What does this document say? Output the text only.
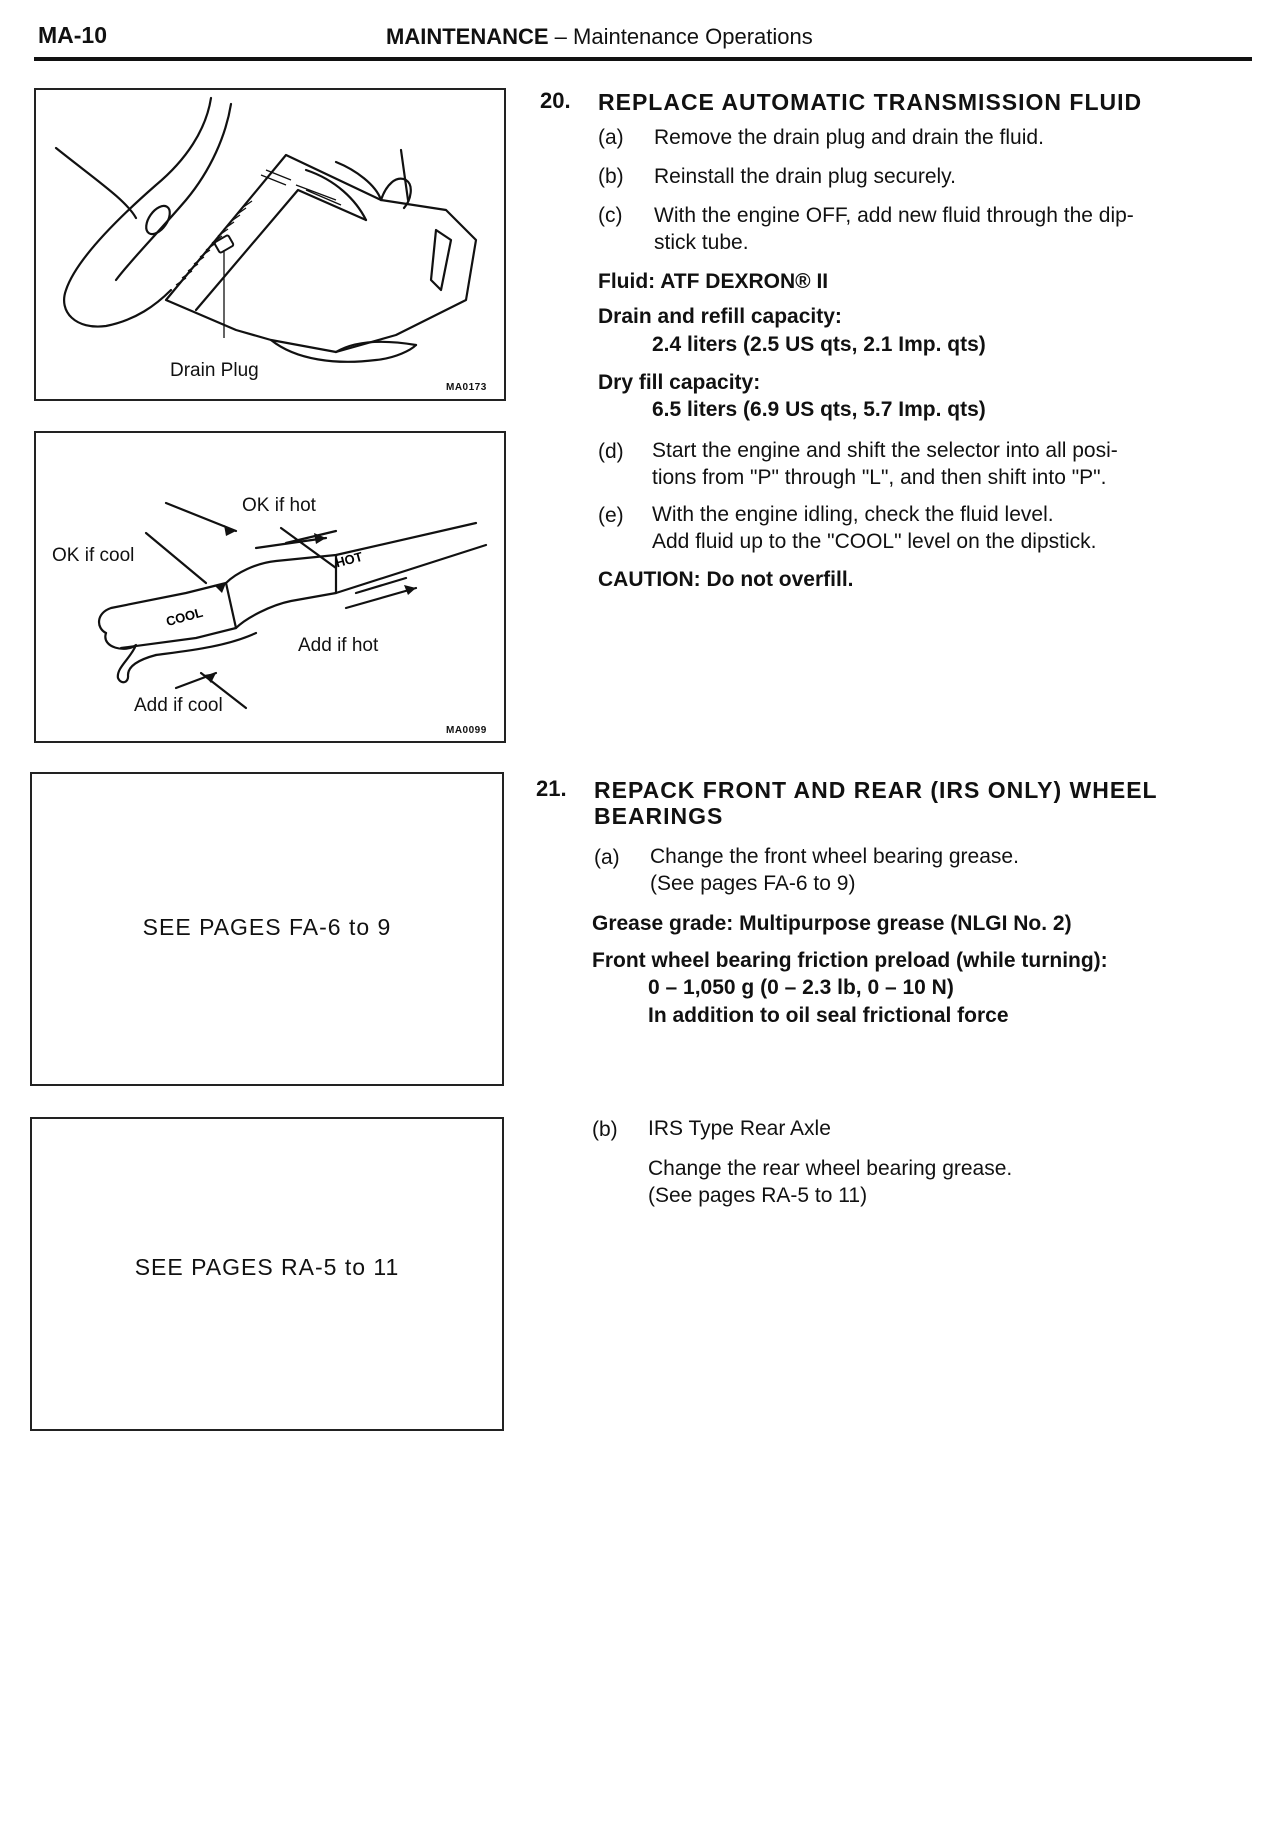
MA-10	MAINTENANCE – Maintenance Operations
Drain Plug
MA0173
HOT
COOL
OK if hot
OK if cool
Add if hot
Add if cool
MA0099
SEE PAGES FA-6 to 9
SEE PAGES RA-5 to 11
20. REPLACE AUTOMATIC TRANSMISSION FLUID
(a) Remove the drain plug and drain the fluid.
(b) Reinstall the drain plug securely.
(c) With the engine OFF, add new fluid through the dip-
stick tube.
Fluid: ATF DEXRON® II
Drain and refill capacity:
2.4 liters (2.5 US qts, 2.1 Imp. qts)
Dry fill capacity:
6.5 liters (6.9 US qts, 5.7 Imp. qts)
(d) Start the engine and shift the selector into all posi-
tions from "P" through "L", and then shift into "P".
(e) With the engine idling, check the fluid level.
Add fluid up to the "COOL" level on the dipstick.
CAUTION: Do not overfill.
21. REPACK FRONT AND REAR (IRS ONLY) WHEEL
BEARINGS
(a) Change the front wheel bearing grease.
(See pages FA-6 to 9)
Grease grade: Multipurpose grease (NLGI No. 2)
Front wheel bearing friction preload (while turning):
0 – 1,050 g (0 – 2.3 lb, 0 – 10 N)
In addition to oil seal frictional force
(b) IRS Type Rear Axle
Change the rear wheel bearing grease.
(See pages RA-5 to 11)
